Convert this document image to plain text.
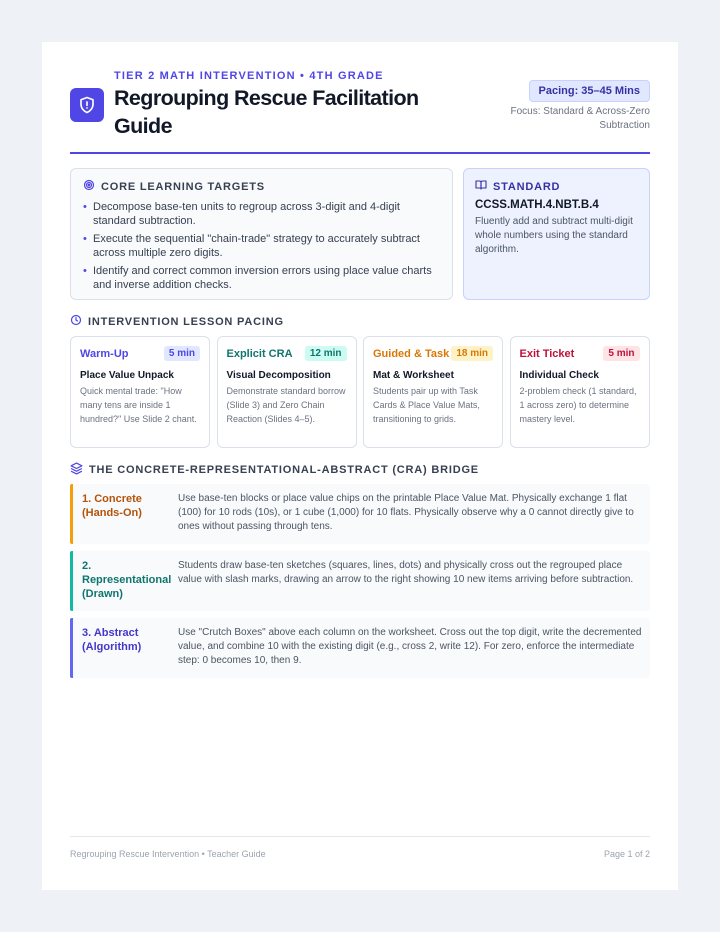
TIER 2 MATH INTERVENTION • 4TH GRADE
Regrouping Rescue Facilitation Guide
Pacing: 35–45 Mins
Focus: Standard & Across-Zero Subtraction
CORE LEARNING TARGETS
• Decompose base-ten units to regroup across 3-digit and 4-digit standard subtraction.
• Execute the sequential "chain-trade" strategy to accurately subtract across multiple zero digits.
• Identify and correct common inversion errors using place value charts and inverse addition checks.
STANDARD
CCSS.MATH.4.NBT.B.4
Fluently add and subtract multi-digit whole numbers using the standard algorithm.
INTERVENTION LESSON PACING
Warm-Up	5 min
Place Value Unpack
Quick mental trade: "How many tens are inside 1 hundred?" Use Slide 2 chant.
Explicit CRA	12 min
Visual Decomposition
Demonstrate standard borrow (Slide 3) and Zero Chain Reaction (Slides 4–5).
Guided & Task 18 min
Mat & Worksheet
Students pair up with Task Cards & Place Value Mats, transitioning to grids.
Exit Ticket	5 min
Individual Check
2-problem check (1 standard, 1 across zero) to determine mastery level.
THE CONCRETE-REPRESENTATIONAL-ABSTRACT (CRA) BRIDGE
1. Concrete (Hands-On)
Use base-ten blocks or place value chips on the printable Place Value Mat. Physically exchange 1 flat (100) for 10 rods (10s), or 1 cube (1,000) for 10 flats. Physically observe why a 0 cannot directly give to ones without passing through tens.
2. Representational (Drawn)
Students draw base-ten sketches (squares, lines, dots) and physically cross out the regrouped place value with slash marks, drawing an arrow to the right showing 10 new items arriving before subtraction.
3. Abstract (Algorithm)
Use "Crutch Boxes" above each column on the worksheet. Cross out the top digit, write the decremented value, and combine 10 with the existing digit (e.g., cross 2, write 12). For zero, enforce the intermediate step: 0 becomes 10, then 9.
Regrouping Rescue Intervention • Teacher Guide	Page 1 of 2
